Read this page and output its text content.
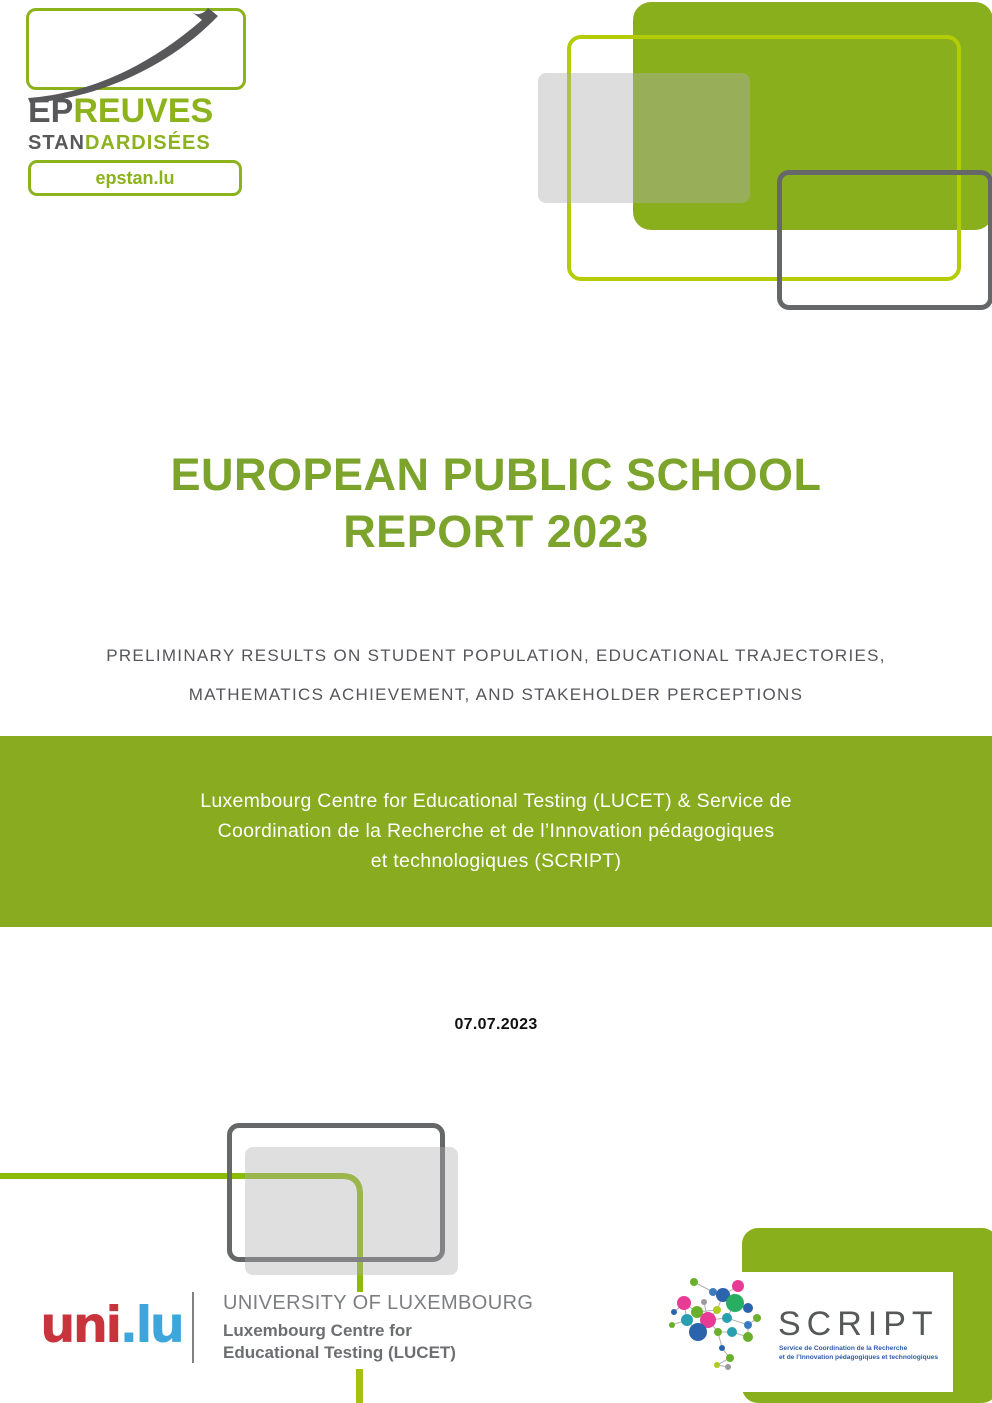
EPREUVES
STANDARDISÉES
epstan.lu
EUROPEAN PUBLIC SCHOOL
REPORT 2023
PRELIMINARY RESULTS ON STUDENT POPULATION, EDUCATIONAL TRAJECTORIES,
MATHEMATICS ACHIEVEMENT, AND STAKEHOLDER PERCEPTIONS
Luxembourg Centre for Educational Testing (LUCET) & Service de
Coordination de la Recherche et de l’Innovation pédagogiques
et technologiques (SCRIPT)
07.07.2023
uni.lu UNIVERSITY OF LUXEMBOURG
Luxembourg Centre for
Educational Testing (LUCET)
SCRIPT
Service de Coordination de la Recherche
et de l’Innovation pédagogiques et technologiques
